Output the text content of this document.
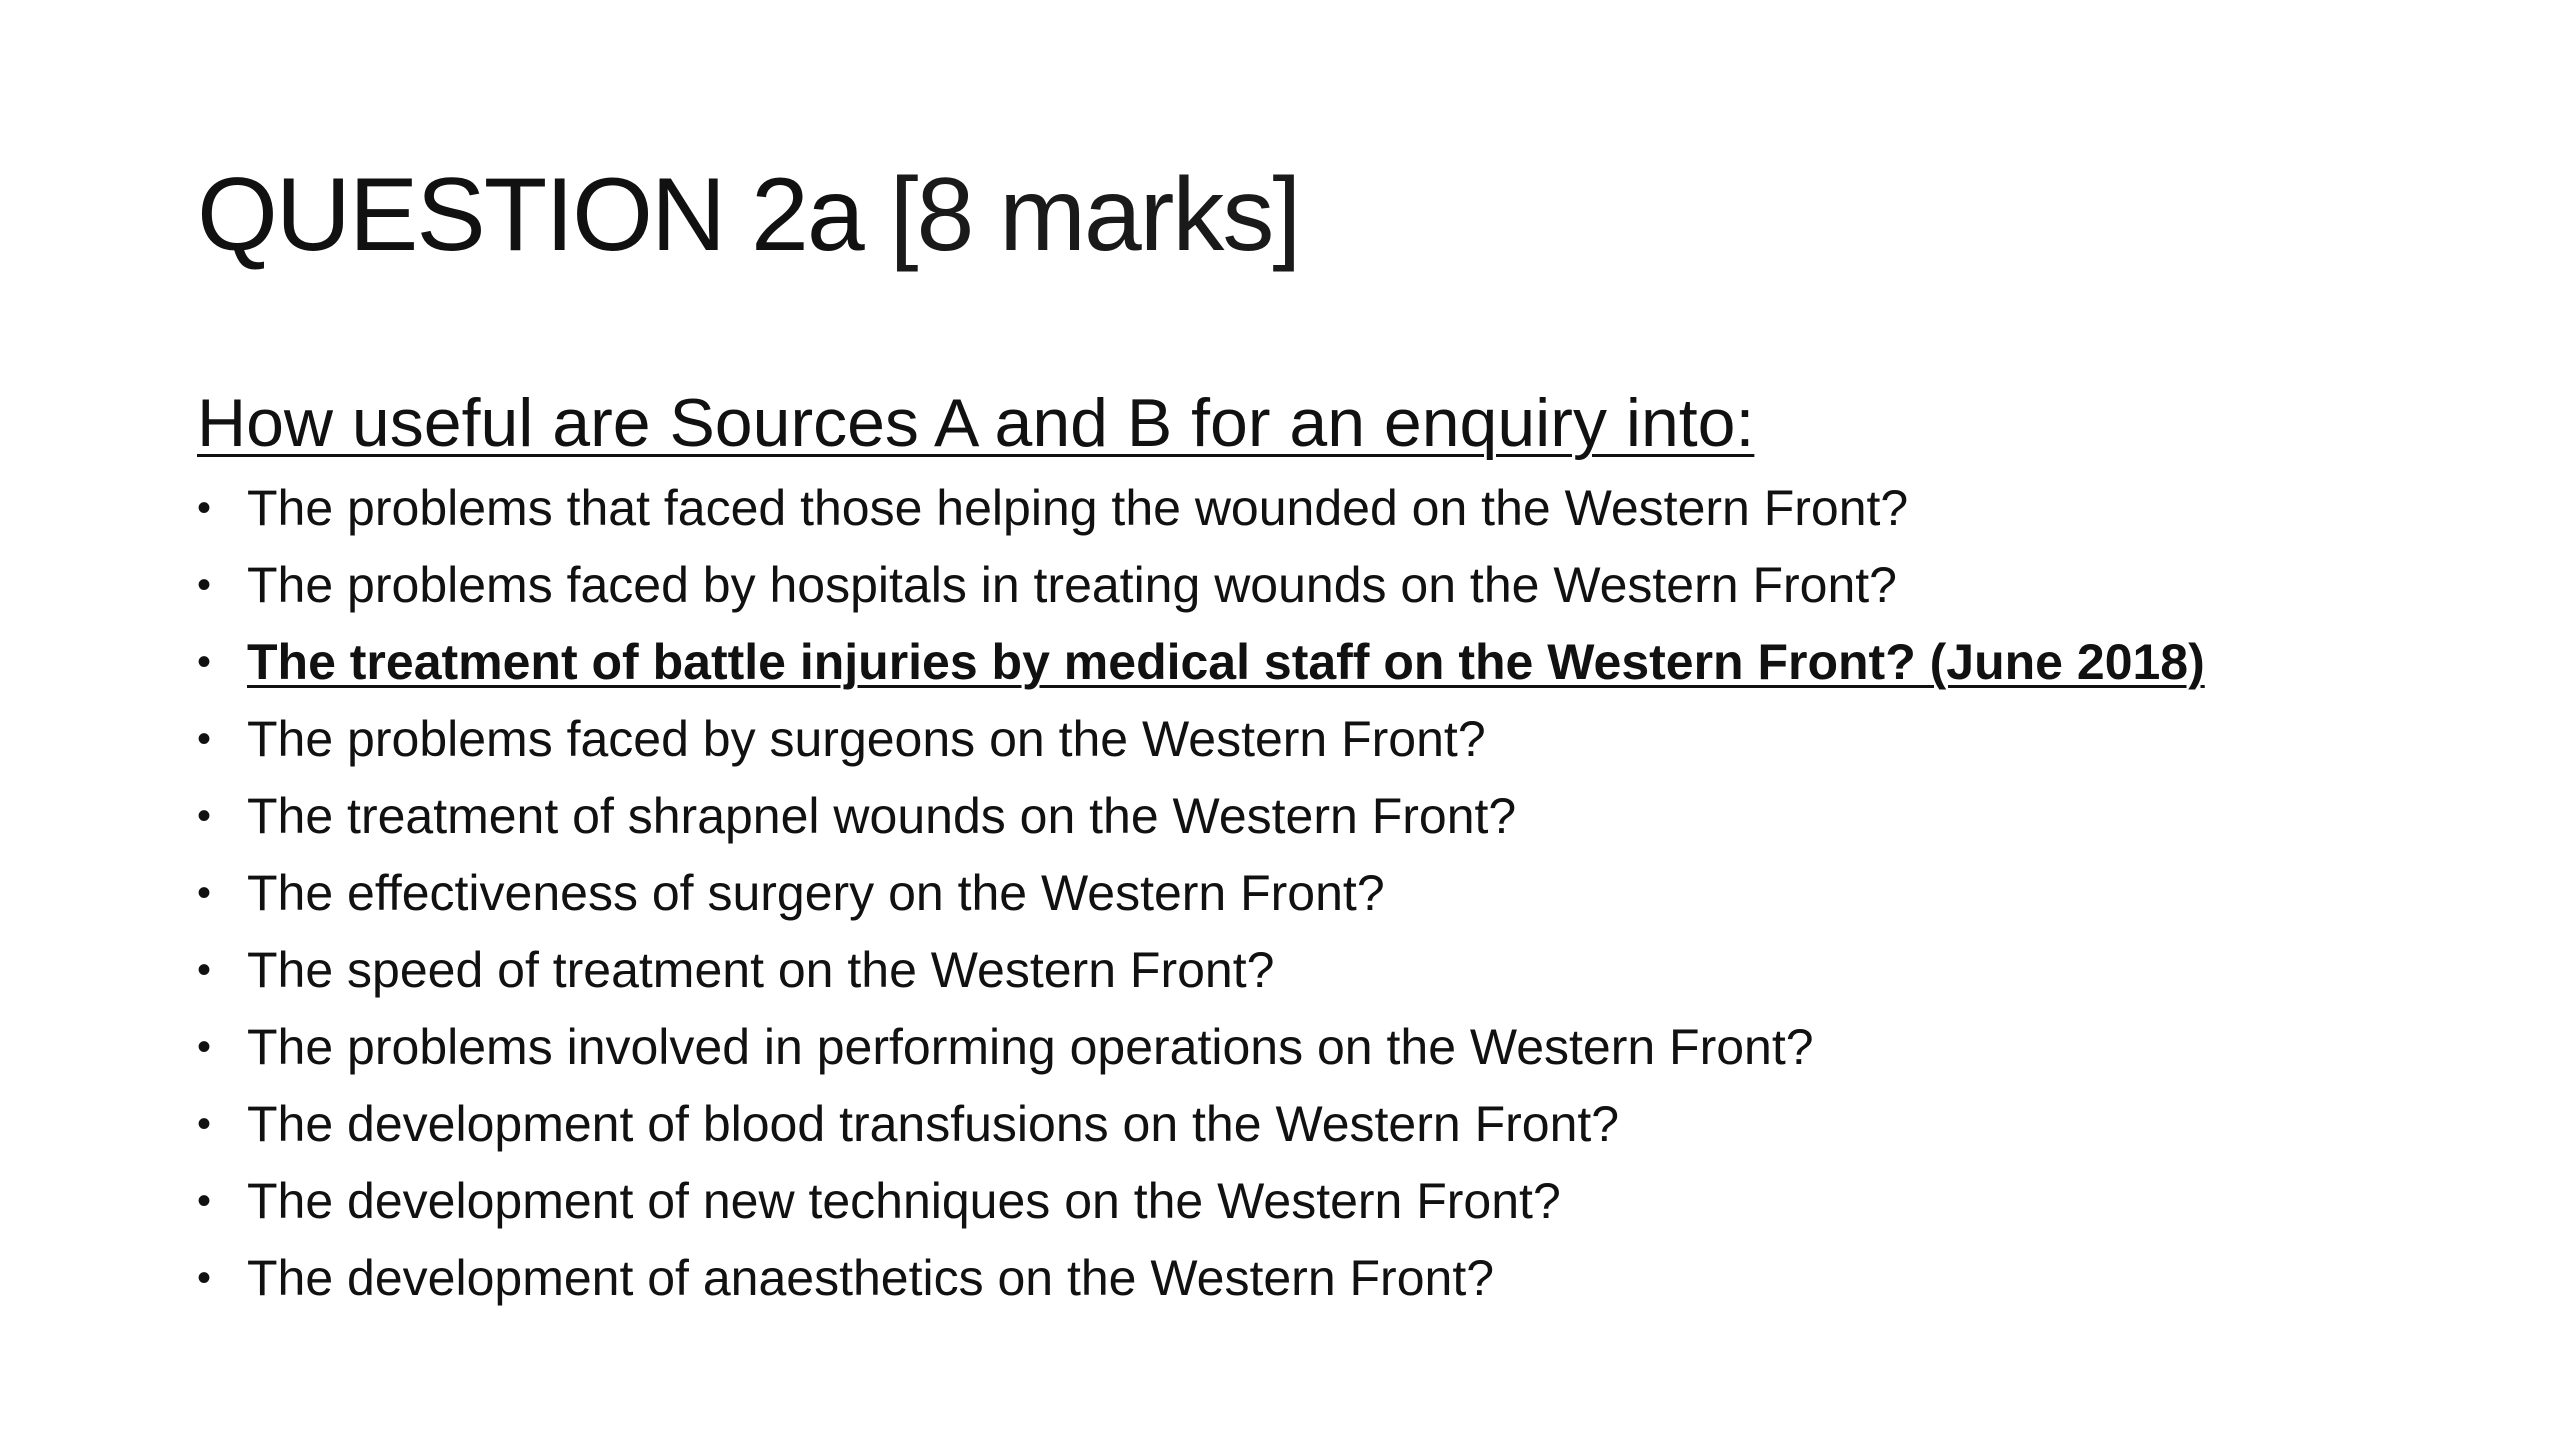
QUESTION 2a [8 marks]
How useful are Sources A and B for an enquiry into:
• The problems that faced those helping the wounded on the Western Front?
• The problems faced by hospitals in treating wounds on the Western Front?
• The treatment of battle injuries by medical staff on the Western Front? (June 2018)
• The problems faced by surgeons on the Western Front?
• The treatment of shrapnel wounds on the Western Front?
• The effectiveness of surgery on the Western Front?
• The speed of treatment on the Western Front?
• The problems involved in performing operations on the Western Front?
• The development of blood transfusions on the Western Front?
• The development of new techniques on the Western Front?
• The development of anaesthetics on the Western Front?
